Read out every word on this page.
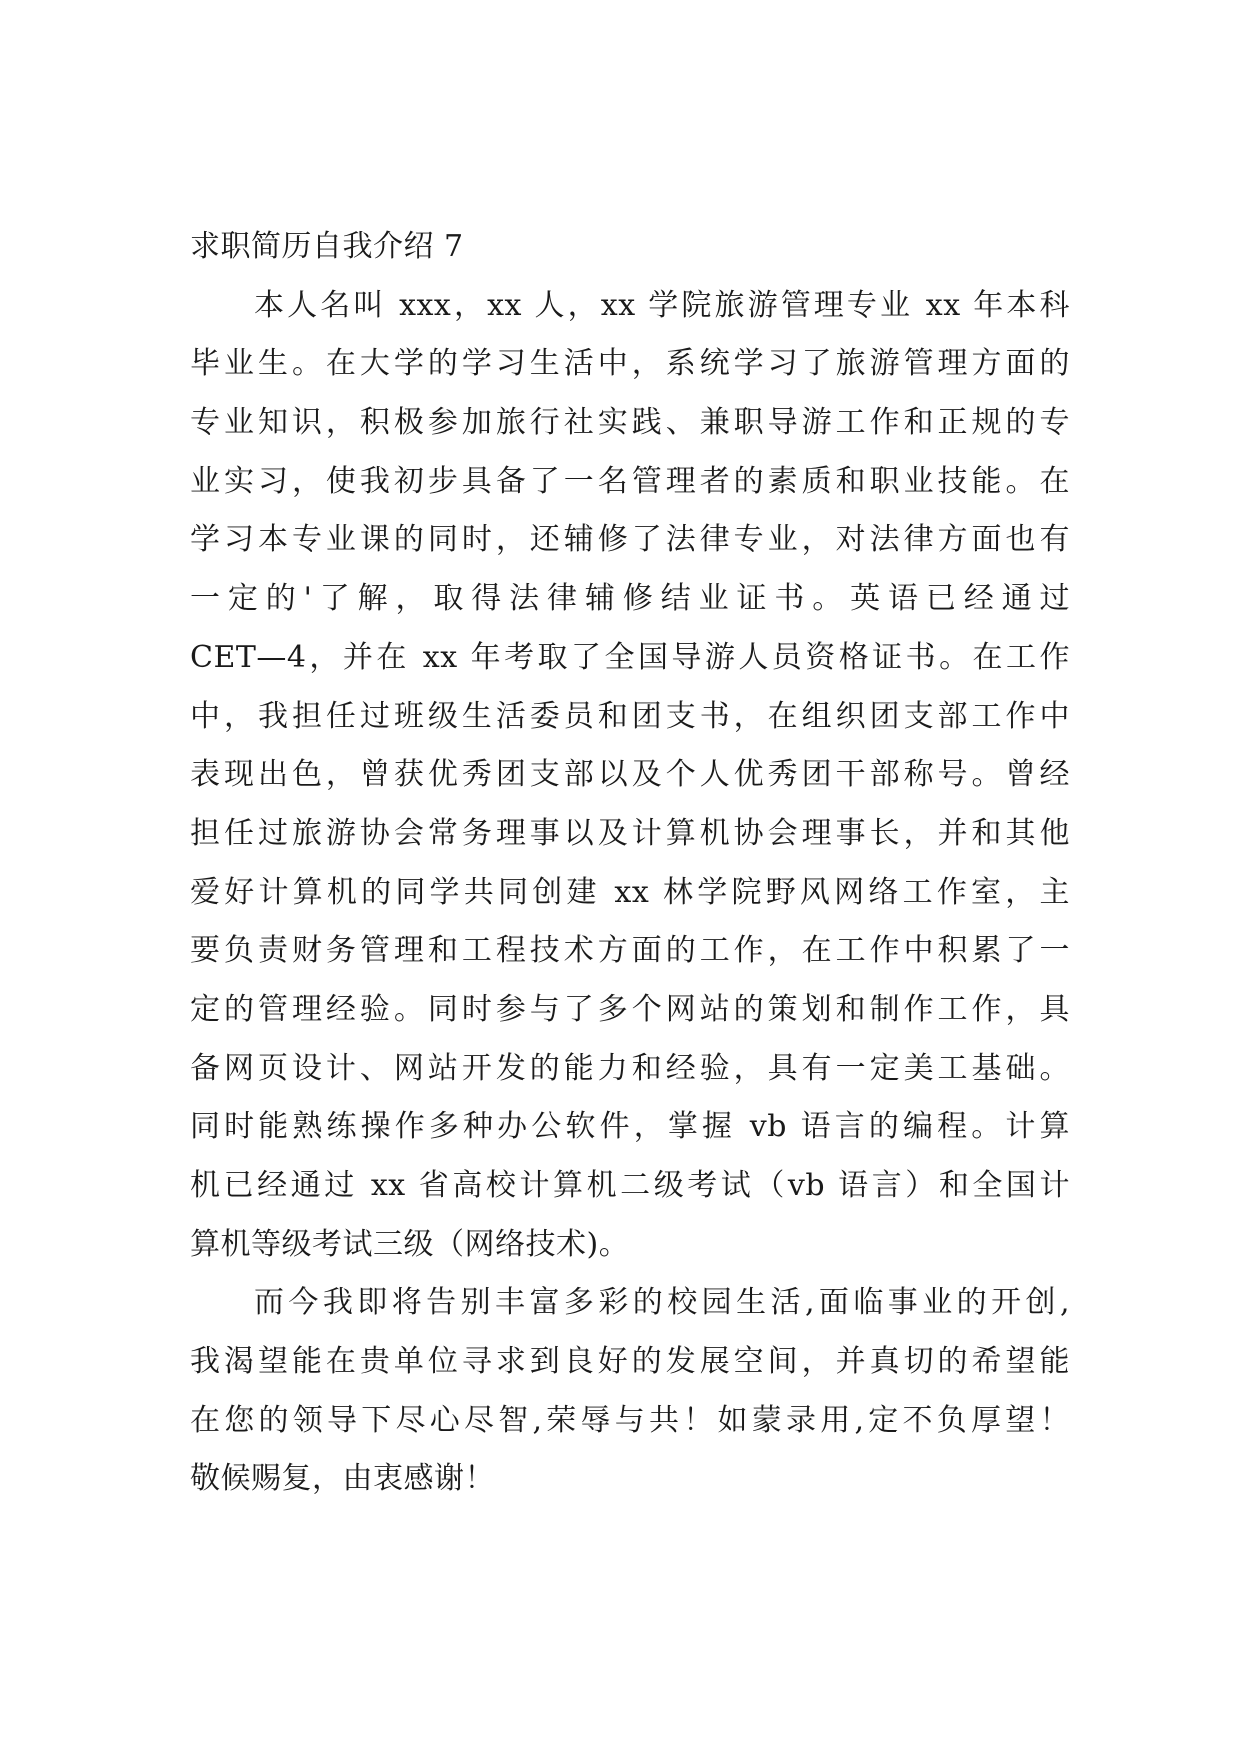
求职简历自我介绍 7
本人名叫 xxx，xx 人，xx 学院旅游管理专业 xx 年本科
毕业生。在大学的学习生活中，系统学习了旅游管理方面的
专业知识，积极参加旅行社实践、兼职导游工作和正规的专
业实习，使我初步具备了一名管理者的素质和职业技能。在
学习本专业课的同时，还辅修了法律专业，对法律方面也有
一定的'了解，取得法律辅修结业证书。英语已经通过
CET—4，并在 xx 年考取了全国导游人员资格证书。在工作
中，我担任过班级生活委员和团支书，在组织团支部工作中
表现出色，曾获优秀团支部以及个人优秀团干部称号。曾经
担任过旅游协会常务理事以及计算机协会理事长，并和其他
爱好计算机的同学共同创建 xx 林学院野风网络工作室，主
要负责财务管理和工程技术方面的工作，在工作中积累了一
定的管理经验。同时参与了多个网站的策划和制作工作，具
备网页设计、网站开发的能力和经验，具有一定美工基础。
同时能熟练操作多种办公软件，掌握 vb 语言的编程。计算
机已经通过 xx 省高校计算机二级考试（vb 语言）和全国计
算机等级考试三级（网络技术)。
而今我即将告别丰富多彩的校园生活,面临事业的开创,
我渴望能在贵单位寻求到良好的发展空间，并真切的希望能
在您的领导下尽心尽智,荣辱与共！如蒙录用,定不负厚望！
敬候赐复，由衷感谢！
